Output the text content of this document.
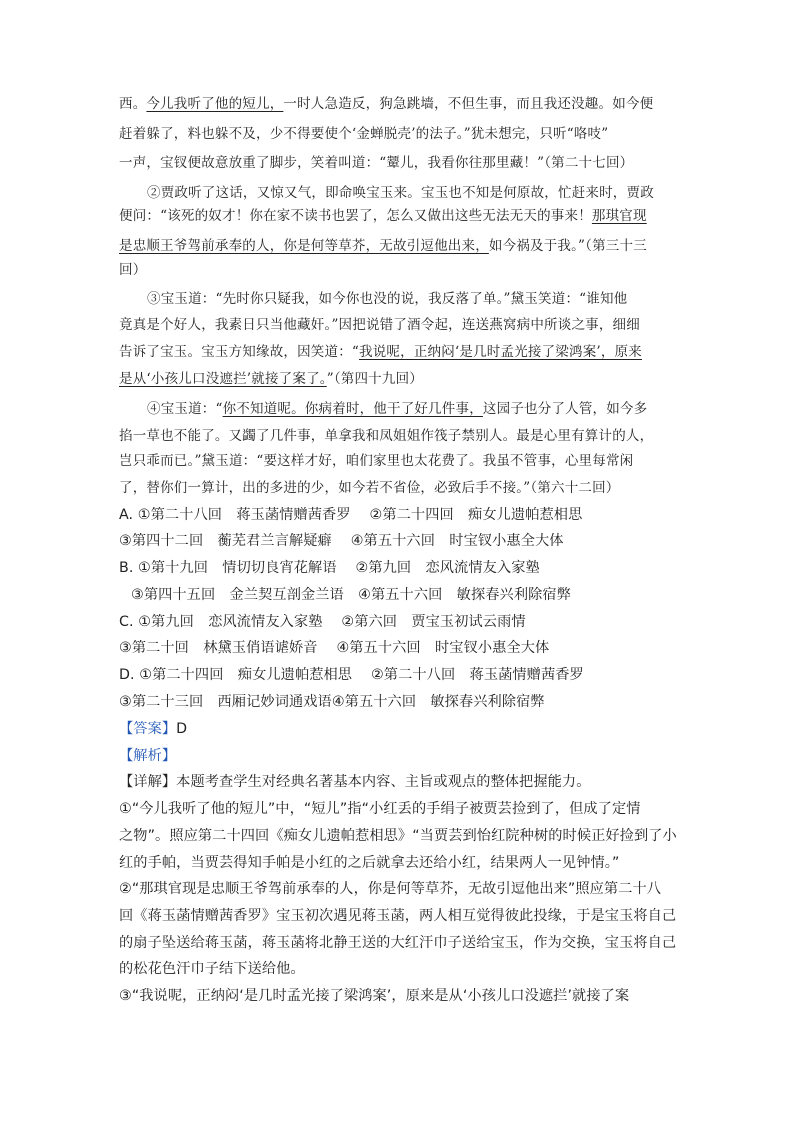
西。今儿我听了他的短儿，一时人急造反，狗急跳墙，不但生事，而且我还没趣。如今便
赶着躲了，料也躲不及，少不得要使个‘金蝉脱壳’的法子。”犹未想完，只听“咯吱”
一声，宝钗便故意放重了脚步，笑着叫道：“颦儿，我看你往那里藏！”（第二十七回）
②贾政听了这话，又惊又气，即命唤宝玉来。宝玉也不知是何原故，忙赶来时，贾政
便问：“该死的奴才！你在家不读书也罢了，怎么又做出这些无法无天的事来！那琪官现
是忠顺王爷驾前承奉的人，你是何等草芥，无故引逗他出来，如今祸及于我。”（第三十三
回）
③宝玉道：“先时你只疑我，如今你也没的说，我反落了单。”黛玉笑道：“谁知他
竟真是个好人，我素日只当他藏奸。”因把说错了酒令起，连送燕窝病中所谈之事，细细
告诉了宝玉。宝玉方知缘故，因笑道：“我说呢，正纳闷‘是几时孟光接了梁鸿案’，原来
是从‘小孩儿口没遮拦’就接了案了。”（第四十九回）
④宝玉道：“你不知道呢。你病着时，他干了好几件事，这园子也分了人管，如今多
掐一草也不能了。又蠲了几件事，单拿我和凤姐姐作筏子禁别人。最是心里有算计的人，
岂只乖而已。”黛玉道：“要这样才好，咱们家里也太花费了。我虽不管事，心里每常闲
了，替你们一算计，出的多进的少，如今若不省俭，必致后手不接。”（第六十二回）
A. ①第二十八回　蒋玉菡情赠茜香罗　 ②第二十四回　痴女儿遗帕惹相思
③第四十二回　蘅芜君兰言解疑癖　 ④第五十六回　时宝钗小惠全大体
B. ①第十九回　情切切良宵花解语　 ②第九回　恋风流情友入家塾
③第四十五回　金兰契互剖金兰语　④第五十六回　敏探春兴利除宿弊
C. ①第九回　恋风流情友入家塾　 ②第六回　贾宝玉初试云雨情
③第二十回　林黛玉俏语谑娇音　 ④第五十六回　时宝钗小惠全大体
D. ①第二十四回　痴女儿遗帕惹相思　 ②第二十八回　蒋玉菡情赠茜香罗
③第二十三回　西厢记妙词通戏语④第五十六回　敏探春兴利除宿弊
【答案】D
【解析】
【详解】本题考查学生对经典名著基本内容、主旨或观点的整体把握能力。
①“今儿我听了他的短儿”中，“短儿”指“小红丢的手绢子被贾芸捡到了，但成了定情
之物”。照应第二十四回《痴女儿遗帕惹相思》“当贾芸到怡红院种树的时候正好捡到了小
红的手帕，当贾芸得知手帕是小红的之后就拿去还给小红，结果两人一见钟情。”
②“那琪官现是忠顺王爷驾前承奉的人，你是何等草芥，无故引逗他出来”照应第二十八
回《蒋玉菡情赠茜香罗》宝玉初次遇见蒋玉菡，两人相互觉得彼此投缘，于是宝玉将自己
的扇子坠送给蒋玉菡，蒋玉菡将北静王送的大红汗巾子送给宝玉，作为交换，宝玉将自己
的松花色汗巾子结下送给他。
③“我说呢，正纳闷‘是几时孟光接了梁鸿案’，原来是从‘小孩儿口没遮拦’就接了案
